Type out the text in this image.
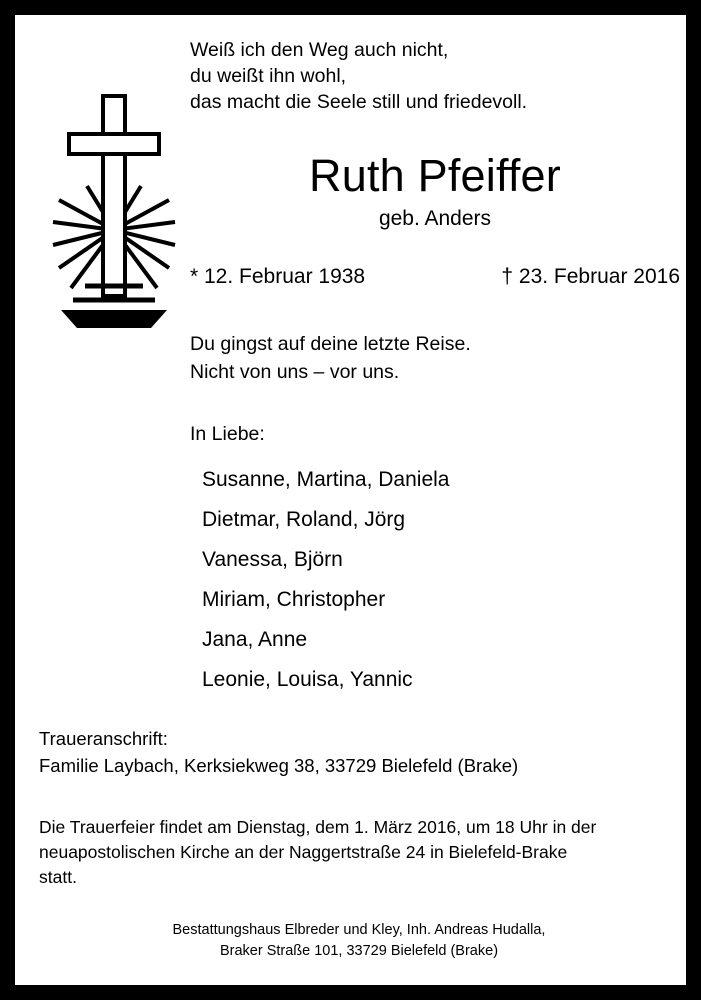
Weiß ich den Weg auch nicht,
du weißt ihn wohl,
das macht die Seele still und friedevoll.
Ruth Pfeiffer
geb. Anders
* 12. Februar 1938	† 23. Februar 2016
Du gingst auf deine letzte Reise.
Nicht von uns – vor uns.
In Liebe:
Susanne, Martina, Daniela
Dietmar, Roland, Jörg
Vanessa, Björn
Miriam, Christopher
Jana, Anne
Leonie, Louisa, Yannic
Traueranschrift:
Familie Laybach, Kerksiekweg 38, 33729 Bielefeld (Brake)
Die Trauerfeier findet am Dienstag, dem 1. März 2016, um 18 Uhr in der
neuapostolischen Kirche an der Naggertstraße 24 in Bielefeld-Brake
statt.
Bestattungshaus Elbreder und Kley, Inh. Andreas Hudalla,
Braker Straße 101, 33729 Bielefeld (Brake)
